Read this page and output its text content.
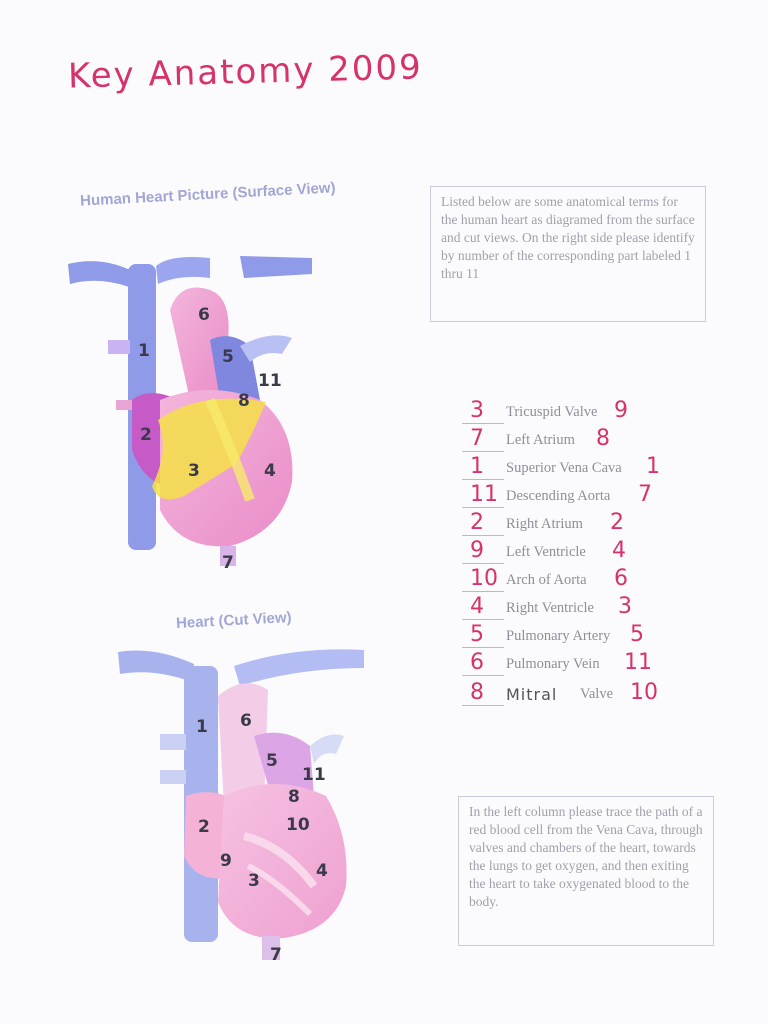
Key Anatomy 2009
Human Heart Picture (Surface View)	Listed below are some anatomical terms for the human heart as diagramed from the surface and cut views. On the right side please identify by number of the corresponding part labeled 1 thru 11
1
2
3	4
5
6
7
8
11
Heart (Cut View)
1
2
3	4
5
6
7
8
9
10
11
3 Tricuspid Valve 9
7 Left Atrium 8
1 Superior Vena Cava 1
11 Descending Aorta 7
2 Right Atrium 2
9 Left Ventricle 4
10 Arch of Aorta 6
4 Right Ventricle 3
5 Pulmonary Artery 5
6 Pulmonary Vein 11
8 Mitral Valve 10
In the left column please trace the path of a red blood cell from the Vena Cava, through valves and chambers of the heart, towards the lungs to get oxygen, and then exiting the heart to take oxygenated blood to the body.
